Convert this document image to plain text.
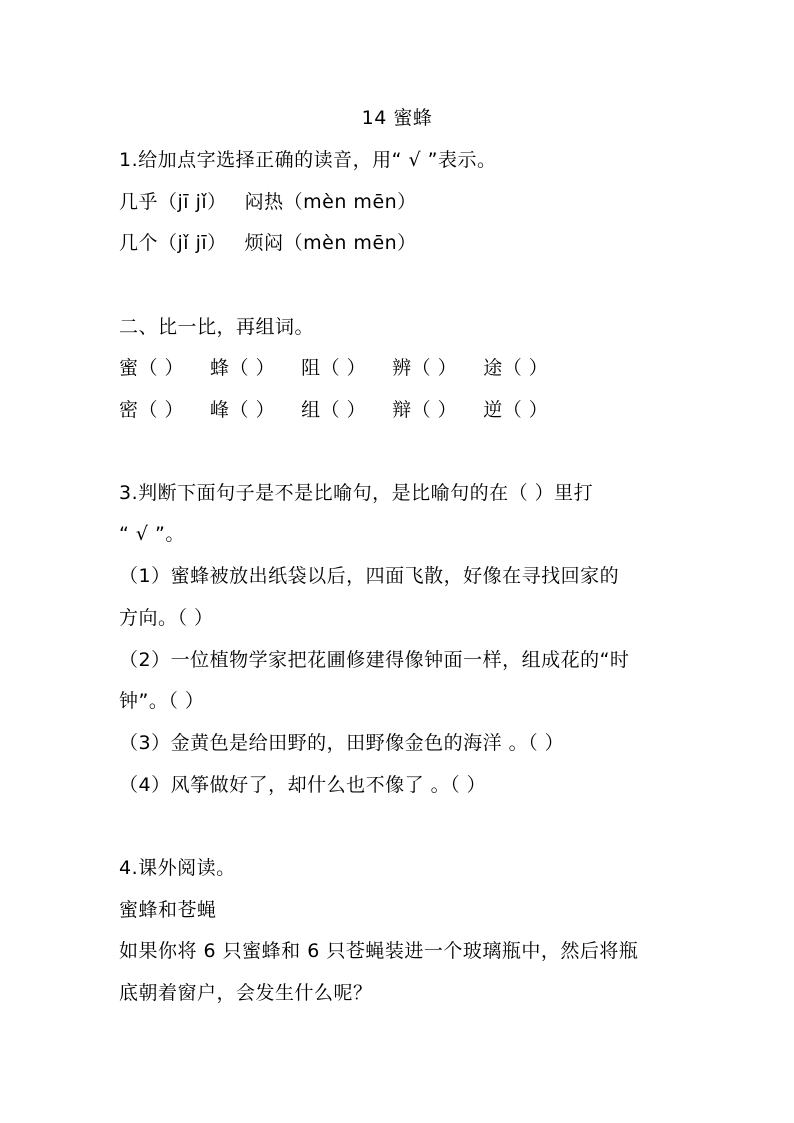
14 蜜蜂
1.给加点字选择正确的读音，用“ √ ”表示。
几乎（jī jǐ） 闷热（mèn mēn）
几个（jǐ jī） 烦闷（mèn mēn）
二、比一比，再组词。
蜜（ ） 蜂（ ） 阻（ ） 辨（ ） 途（ ）
密（ ） 峰（ ） 组（ ） 辩（ ） 逆（ ）
3.判断下面句子是不是比喻句，是比喻句的在（ ）里打
“ √ ”。
（1）蜜蜂被放出纸袋以后，四面飞散，好像在寻找回家的
方向。（ ）
（2）一位植物学家把花圃修建得像钟面一样，组成花的“时
钟”。（ ）
（3）金黄色是给田野的，田野像金色的海洋 。（ ）
（4）风筝做好了，却什么也不像了 。（ ）
4.课外阅读。
蜜蜂和苍蝇
如果你将 6 只蜜蜂和 6 只苍蝇装进一个玻璃瓶中，然后将瓶
底朝着窗户，会发生什么呢？
